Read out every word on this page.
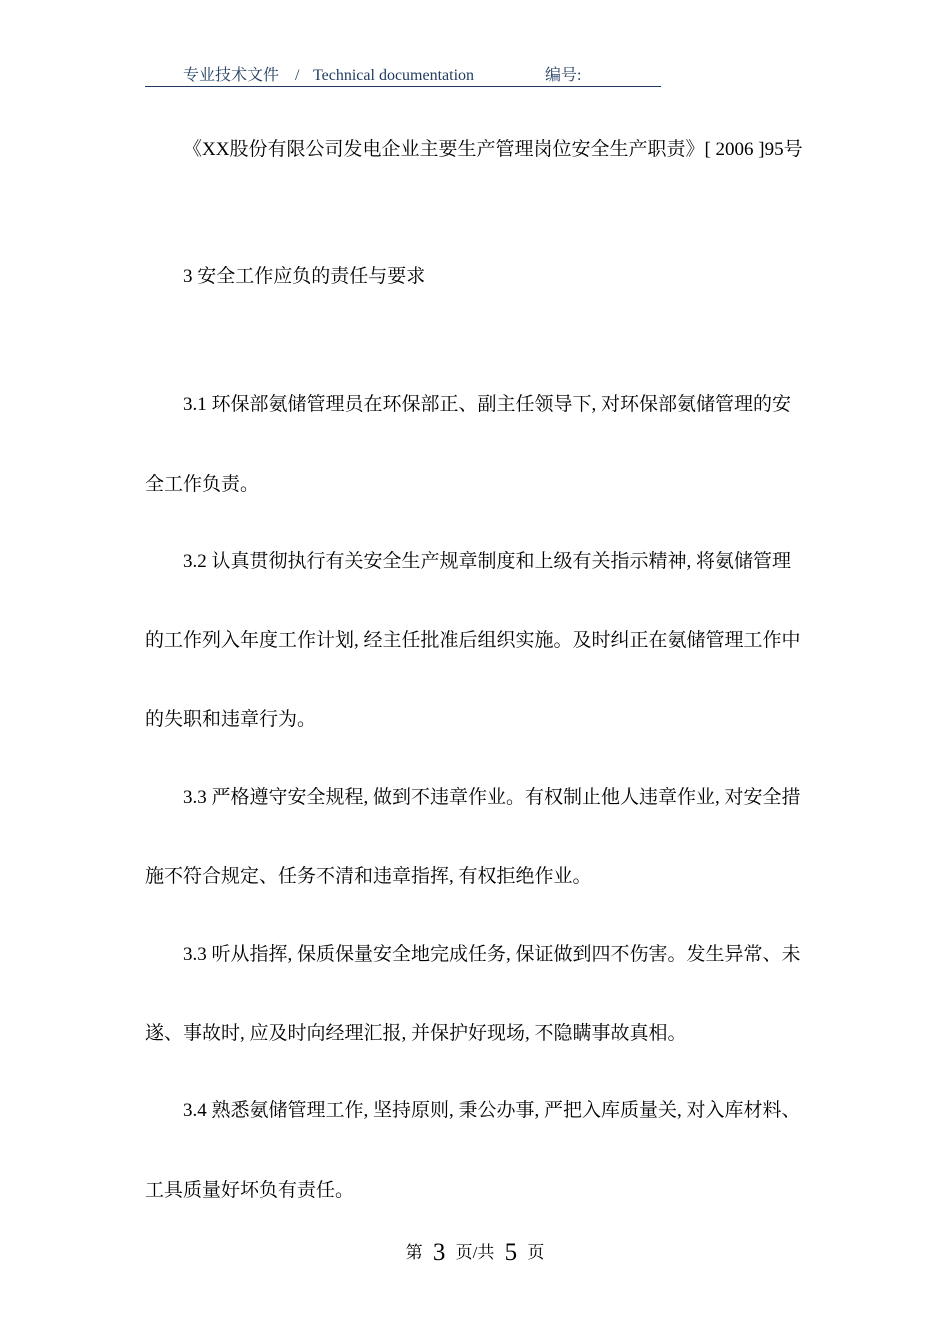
专业技术文件 / Technical documentation	编号:
《XX股份有限公司发电企业主要生产管理岗位安全生产职责》[ 2006 ]95号
3 安全工作应负的责任与要求
3.1 环保部氨储管理员在环保部正、副主任领导下, 对环保部氨储管理的安
全工作负责。
3.2 认真贯彻执行有关安全生产规章制度和上级有关指示精神, 将氨储管理
的工作列入年度工作计划, 经主任批准后组织实施。及时纠正在氨储管理工作中
的失职和违章行为。
3.3 严格遵守安全规程, 做到不违章作业。有权制止他人违章作业, 对安全措
施不符合规定、任务不清和违章指挥, 有权拒绝作业。
3.3 听从指挥, 保质保量安全地完成任务, 保证做到四不伤害。发生异常、未
遂、事故时, 应及时向经理汇报, 并保护好现场, 不隐瞒事故真相。
3.4 熟悉氨储管理工作, 坚持原则, 秉公办事, 严把入库质量关, 对入库材料、
工具质量好坏负有责任。
第 3 页/共 5 页
